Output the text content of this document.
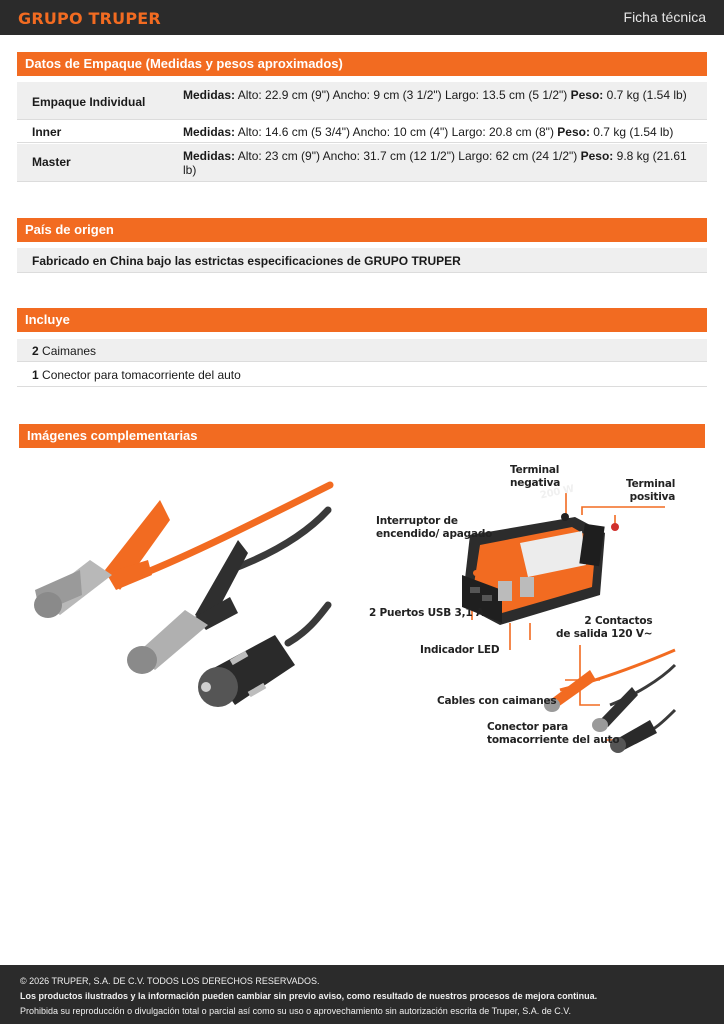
GRUPO TRUPER	Ficha técnica
Datos de Empaque (Medidas y pesos aproximados)
Empaque Individual	Medidas: Alto: 22.9 cm (9") Ancho: 9 cm (3 1/2") Largo: 13.5 cm (5 1/2") Peso: 0.7 kg (1.54 lb)
Inner	Medidas: Alto: 14.6 cm (5 3/4") Ancho: 10 cm (4") Largo: 20.8 cm (8") Peso: 0.7 kg (1.54 lb)
Master	Medidas: Alto: 23 cm (9") Ancho: 31.7 cm (12 1/2") Largo: 62 cm (24 1/2") Peso: 9.8 kg (21.61 lb)
País de origen
Fabricado en China bajo las estrictas especificaciones de GRUPO TRUPER
Incluye
2 Caimanes
1 Conector para tomacorriente del auto
Imágenes complementarias
200 W
Terminal
negativa	Terminal
positiva
Interruptor de
encendido/ apagado
2 Puertos USB 3,1 A
2 Contactos
de salida 120 V~
Indicador LED
Cables con caimanes
Conector para
tomacorriente del auto
© 2026 TRUPER, S.A. DE C.V. TODOS LOS DERECHOS RESERVADOS.
Los productos ilustrados y la información pueden cambiar sin previo aviso, como resultado de nuestros procesos de mejora continua.
Prohibida su reproducción o divulgación total o parcial así como su uso o aprovechamiento sin autorización escrita de Truper, S.A. de C.V.
